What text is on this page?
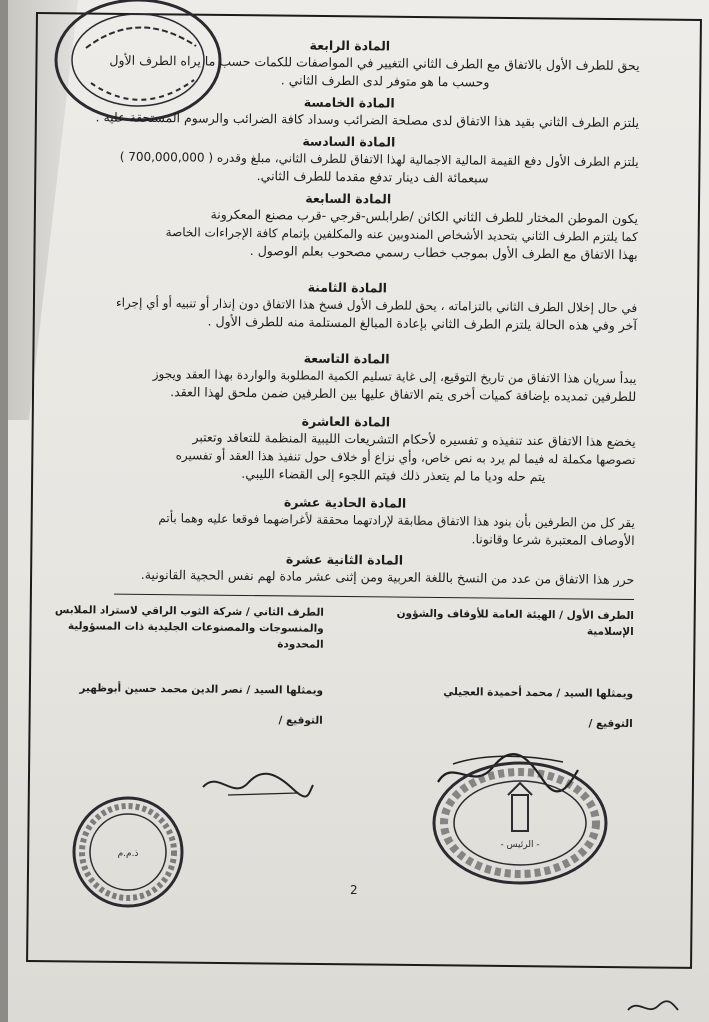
المادة الرابعة

يحق للطرف الأول بالاتفاق مع الطرف الثاني التغيير في المواصفات للكمات حسب ما يراه الطرف الأول

وحسب ما هو متوفر لدى الطرف الثاني .

المادة الخامسة

يلتزم الطرف الثاني بقيد هذا الاتفاق لدى مصلحة الضرائب وسداد كافة الضرائب والرسوم المستحقة عليه .

المادة السادسة

يلتزم الطرف الأول دفع القيمة المالية الاجمالية لهذا الاتفاق للطرف الثاني، مبلغ وقدره ( 700,000,000 )

سبعمائة الف دينار تدفع مقدما للطرف الثاني.

المادة السابعة

يكون الموطن المختار للطرف الثاني الكائن /طرابلس-قرجي -قرب مصنع المعكرونة

كما يلتزم الطرف الثاني بتحديد الأشخاص المندوبين عنه والمكلفين بإتمام كافة الإجراءات الخاصة

بهذا الاتفاق مع الطرف الأول بموجب خطاب رسمي مصحوب بعلم الوصول .

المادة الثامنة

في حال إخلال الطرف الثاني بالتزاماته ، يحق للطرف الأول فسخ هذا الاتفاق دون إنذار أو تنبيه أو أي إجراء

آخر وفي هذه الحالة يلتزم الطرف الثاني بإعادة المبالغ المستلمة منه للطرف الأول .

المادة التاسعة

يبدأ سريان هذا الاتفاق من تاريخ التوقيع، إلى غاية تسليم الكمية المطلوبة والواردة بهذا العقد ويجوز

للطرفين تمديده بإضافة كميات أخرى يتم الاتفاق عليها بين الطرفين ضمن ملحق لهذا العقد.

المادة العاشرة

يخضع هذا الاتفاق عند تنفيذه و تفسيره لأحكام التشريعات الليبية المنظمة للتعاقد وتعتبر

نصوصها مكملة له فيما لم يرد به نص خاص، وأي نزاع أو خلاف حول تنفيذ هذا العقد أو تفسيره

يتم حله وديا ما لم يتعذر ذلك فيتم اللجوء إلى القضاء الليبي.

المادة الحادية عشرة

يقر كل من الطرفين بأن بنود هذا الاتفاق مطابقة لإرادتهما محققة لأغراضهما فوقعا عليه وهما بأتم

الأوصاف المعتبرة شرعا وقانونا.

المادة الثانية عشرة

حرر هذا الاتفاق من عدد من النسخ باللغة العربية ومن إثنى عشر مادة لهم نفس الحجية القانونية.

الطرف الأول / الهيئة العامة للأوقاف والشؤون الإسلامية
الطرف الثاني / شركة الثوب الراقي لاستراد الملابس والمنسوجات والمصنوعات الجليدية ذات المسؤولية المحدودة
ويمثلها السيد / محمد أحميدة العجيلي
ويمثلها السيد / نصر الدين محمد حسين أبوظهير
التوقيع /
التوقيع /
ذ.م.م
- الرئيس -
2
